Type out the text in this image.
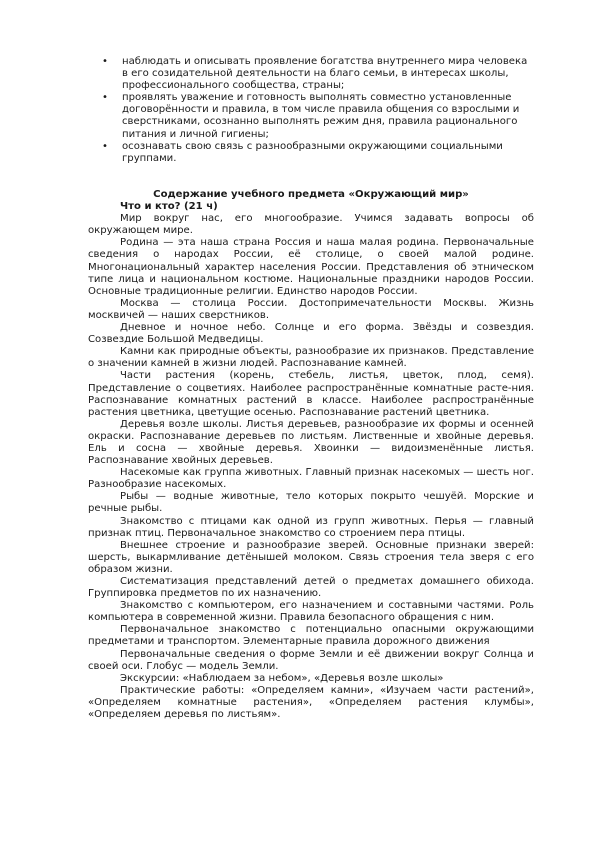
• наблюдать и описывать проявление богатства внутреннего мира человека в его созидательной деятельности на благо семьи, в интересах школы, профессионального сообщества, страны;
• проявлять уважение и готовность выполнять совместно установленные договорённости и правила, в том числе правила общения со взрослыми и сверстниками, осознанно выполнять режим дня, правила рационального питания и личной гигиены;
• осознавать свою связь с разнообразными окружающими социальными группами.

Содержание учебного предмета «Окружающий мир»

Что и кто? (21 ч)

Мир вокруг нас, его многообразие. Учимся задавать вопросы об окружающем мире.

Родина — эта наша страна Россия и наша малая родина. Первоначальные сведения о народах России, её столице, о своей малой родине. Многонациональный характер населения России. Представления об этническом типе лица и национальном костюме. Национальные праздники народов России. Основные традиционные религии. Единство народов России.

Москва — столица России. Достопримечательности Москвы. Жизнь москвичей — наших сверстников.

Дневное и ночное небо. Солнце и его форма. Звёзды и созвездия. Созвездие Большой Медведицы.

Камни как природные объекты, разнообразие их признаков. Представление о значении камней в жизни людей. Распознавание камней.

Части растения (корень, стебель, листья, цветок, плод, семя). Представление о соцветиях. Наиболее распространённые комнатные расте-ния. Распознавание комнатных растений в классе. Наиболее распространённые растения цветника, цветущие осенью. Распознавание растений цветника.

Деревья возле школы. Листья деревьев, разнообразие их формы и осенней окраски. Распознавание деревьев по листьям. Лиственные и хвойные деревья. Ель и сосна — хвойные деревья. Хвоинки — видоизменённые листья. Распознавание хвойных деревьев.

Насекомые как группа животных. Главный признак насекомых — шесть ног. Разнообразие насекомых.

Рыбы — водные животные, тело которых покрыто чешуёй. Морские и речные рыбы.

Знакомство с птицами как одной из групп животных. Перья — главный признак птиц. Первоначальное знакомство со строением пера птицы.

Внешнее строение и разнообразие зверей. Основные признаки зверей: шерсть, выкармливание детёнышей молоком. Связь строения тела зверя с его образом жизни.

Систематизация представлений детей о предметах домашнего обихода. Группировка предметов по их назначению.

Знакомство с компьютером, его назначением и составными частями. Роль компьютера в современной жизни. Правила безопасного обращения с ним.

Первоначальное знакомство с потенциально опасными окружающими предметами и транспортом. Элементарные правила дорожного движения

Первоначальные сведения о форме Земли и её движении вокруг Солнца и своей оси. Глобус — модель Земли.

Экскурсии: «Наблюдаем за небом», «Деревья возле школы»

Практические работы: «Определяем камни», «Изучаем части растений», «Определяем комнатные растения», «Определяем растения клумбы», «Определяем деревья по листьям».
